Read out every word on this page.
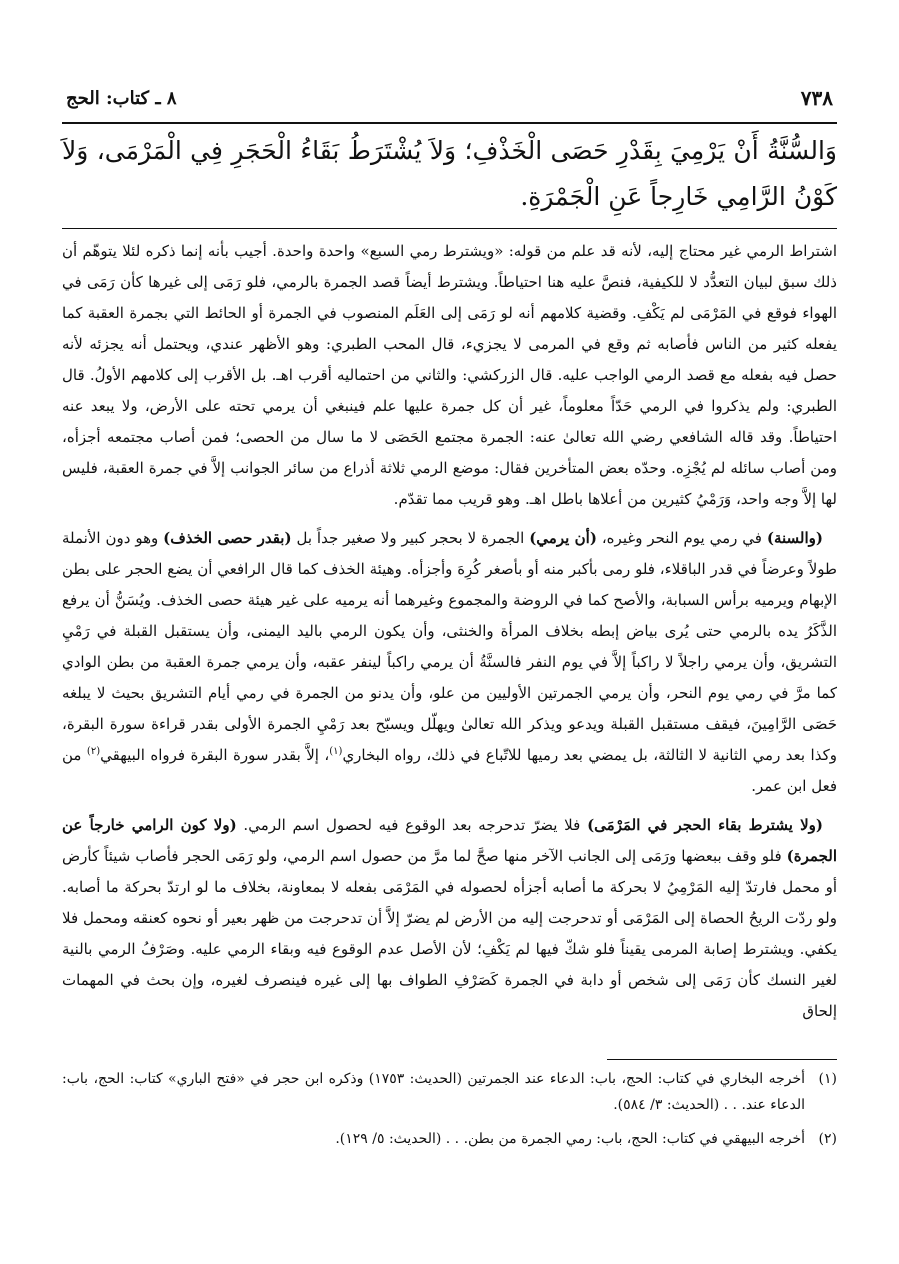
٧٣٨
٨ ـ كتاب: الحج

وَالسُّنَّةُ أَنْ يَرْمِيَ بِقَدْرِ حَصَى الْخَذْفِ؛ وَلاَ يُشْتَرَطُ بَقَاءُ الْحَجَرِ فِي الْمَرْمَى، وَلاَ كَوْنُ الرَّامِي خَارِجاً عَنِ الْجَمْرَةِ.

اشتراط الرمي غير محتاج إليه، لأنه قد علم من قوله: «ويشترط رمي السبع» واحدة واحدة. أجيب بأنه إنما ذكره لئلا يتوهّم أن ذلك سبق لبيان التعدُّد لا للكيفية، فنصَّ عليه هنا احتياطاً. ويشترط أيضاً قصد الجمرة بالرمي، فلو رَمَى إلى غيرها كأن رَمَى في الهواء فوقع في المَرْمَى لم يَكْفِ. وقضية كلامهم أنه لو رَمَى إلى العَلَم المنصوب في الجمرة أو الحائط التي بجمرة العقبة كما يفعله كثير من الناس فأصابه ثم وقع في المرمى لا يجزيء، قال المحب الطبري: وهو الأظهر عندي، ويحتمل أنه يجزئه لأنه حصل فيه بفعله مع قصد الرمي الواجب عليه. قال الزركشي: والثاني من احتماليه أقرب اهـ. بل الأقرب إلى كلامهم الأولُ. قال الطبري: ولم يذكروا في الرمي حَدّاً معلوماً، غير أن كل جمرة عليها علم فينبغي أن يرمي تحته على الأرض، ولا يبعد عنه احتياطاً. وقد قاله الشافعي رضي الله تعالىٰ عنه: الجمرة مجتمع الحَصَى لا ما سال من الحصى؛ فمن أصاب مجتمعه أجزأه، ومن أصاب سائله لم يُجْزِه. وحدّه بعض المتأخرين فقال: موضع الرمي ثلاثة أذراع من سائر الجوانب إلاَّ في جمرة العقبة، فليس لها إلاَّ وجه واحد، وَرَمْيُ كثيرين من أعلاها باطل اهـ. وهو قريب مما تقدّم.

(والسنة) في رمي يوم النحر وغيره، (أن يرمي) الجمرة لا بحجر كبير ولا صغير جداً بل (بقدر حصى الخذف) وهو دون الأنملة طولاً وعرضاً في قدر الباقلاء، فلو رمى بأكبر منه أو بأصغر كُرِهَ وأجزأه. وهيئة الخذف كما قال الرافعي أن يضع الحجر على بطن الإبهام ويرميه برأس السبابة، والأصح كما في الروضة والمجموع وغيرهما أنه يرميه على غير هيئة حصى الخذف. ويُسَنُّ أن يرفع الذَّكَرُ يده بالرمي حتى يُرى بياض إبطه بخلاف المرأة والخنثى، وأن يكون الرمي باليد اليمنى، وأن يستقبل القبلة في رَمْيِ التشريق، وأن يرمي راجلاً لا راكباً إلاَّ في يوم النفر فالسنَّةُ أن يرمي راكباً لينفر عقبه، وأن يرمي جمرة العقبة من بطن الوادي كما مرَّ في رمي يوم النحر، وأن يرمي الجمرتين الأوليين من علو، وأن يدنو من الجمرة في رمي أيام التشريق بحيث لا يبلغه حَصَى الرَّامِينَ، فيقف مستقبل القبلة ويدعو ويذكر الله تعالىٰ ويهلّل ويسبّح بعد رَمْيِ الجمرة الأولى بقدر قراءة سورة البقرة، وكذا بعد رمي الثانية لا الثالثة، بل يمضي بعد رميها للاتّباع في ذلك، رواه البخاري$^{(١)}$، إلاَّ بقدر سورة البقرة فرواه البيهقي$^{(٢)}$ من فعل ابن عمر.

(ولا يشترط بقاء الحجر في المَرْمَى) فلا يضرّ تدحرجه بعد الوقوع فيه لحصول اسم الرمي. (ولا كون الرامي خارجاً عن الجمرة) فلو وقف ببعضها ورَمَى إلى الجانب الآخر منها صحَّ لما مرَّ من حصول اسم الرمي، ولو رَمَى الحجر فأصاب شيئاً كأرض أو محمل فارتدّ إليه المَرْمِيُ لا بحركة ما أصابه أجزأه لحصوله في المَرْمَى بفعله لا بمعاونة، بخلاف ما لو ارتدّ بحركة ما أصابه. ولو ردّت الريحُ الحصاة إلى المَرْمَى أو تدحرجت إليه من الأرض لم يضرّ إلاَّ أن تدحرجت من ظهر بعير أو نحوه كعنقه ومحمل فلا يكفي. ويشترط إصابة المرمى يقيناً فلو شكّ فيها لم يَكْفِ؛ لأن الأصل عدم الوقوع فيه وبقاء الرمي عليه. وصَرْفُ الرمي بالنية لغير النسك كأن رَمَى إلى شخص أو دابة في الجمرة كَصَرْفِ الطواف بها إلى غيره فينصرف لغيره، وإن بحث في المهمات إلحاق

(١)
أخرجه البخاري في كتاب: الحج، باب: الدعاء عند الجمرتين (الحديث: ١٧٥٣) وذكره ابن حجر في «فتح الباري» كتاب: الحج، باب: الدعاء عند. . . (الحديث: ٣/ ٥٨٤).
(٢)
أخرجه البيهقي في كتاب: الحج، باب: رمي الجمرة من بطن. . . (الحديث: ٥/ ١٢٩).
